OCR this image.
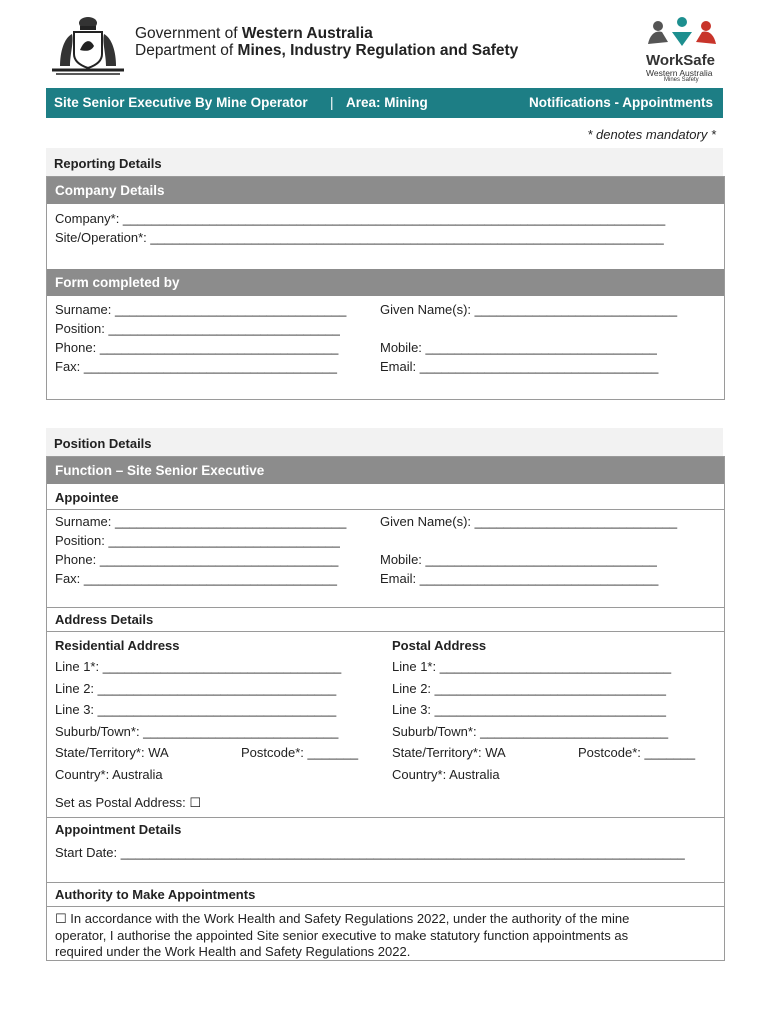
Government of Western Australia
Department of Mines, Industry Regulation and Safety
WorkSafe
Western Australia
Mines Safety
Site Senior Executive By Mine Operator | Area: Mining	Notifications - Appointments
* denotes mandatory *
Reporting Details
Company Details
Company*: ___________________________________________________________________________
Site/Operation*: _______________________________________________________________________
Form completed by
Surname: ________________________________	Given Name(s): ____________________________
Position: ________________________________
Phone: _________________________________	Mobile: ________________________________
Fax: ___________________________________	Email: _________________________________
Position Details
Function – Site Senior Executive
Appointee
Surname: ________________________________	Given Name(s): ____________________________
Position: ________________________________
Phone: _________________________________	Mobile: ________________________________
Fax: ___________________________________	Email: _________________________________
Address Details
Residential Address
Line 1*: _________________________________
Line 2: _________________________________
Line 3: _________________________________
Suburb/Town*: ___________________________
State/Territory*: WA	Postcode*: _______
Country*: Australia
Postal Address
Line 1*: ________________________________
Line 2: ________________________________
Line 3: ________________________________
Suburb/Town*: __________________________
State/Territory*: WA	Postcode*: _______
Country*: Australia
Set as Postal Address: ☐
Appointment Details
Start Date: ______________________________________________________________________________
Authority to Make Appointments
☐ In accordance with the Work Health and Safety Regulations 2022, under the authority of the mine
operator, I authorise the appointed Site senior executive to make statutory function appointments as
required under the Work Health and Safety Regulations 2022.
